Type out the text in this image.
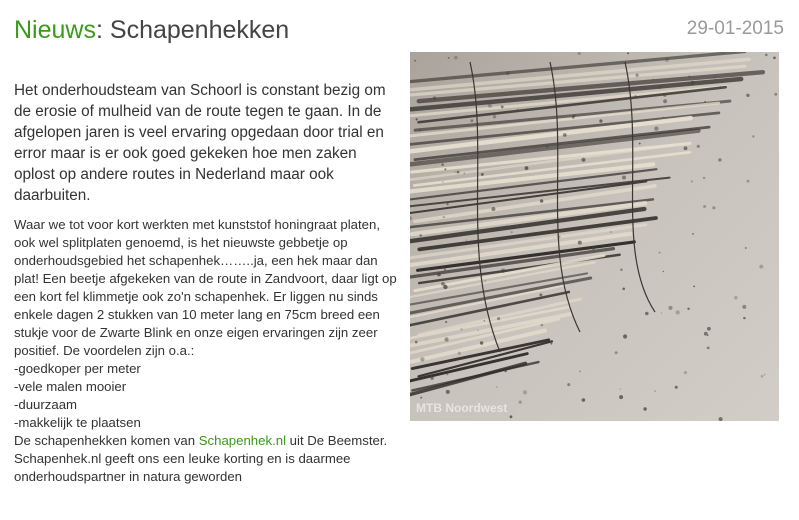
Nieuws: Schapenhekken	29-01-2015

Het onderhoudsteam van Schoorl is constant bezig om de erosie of mulheid van de route tegen te gaan. In de afgelopen jaren is veel ervaring opgedaan door trial en error maar is er ook goed gekeken hoe men zaken oplost op andere routes in Nederland maar ook daarbuiten.

Waar we tot voor kort werkten met kunststof honingraat platen, ook wel splitplaten genoemd, is het nieuwste gebbetje op onderhoudsgebied het schapenhek……..ja, een hek maar dan plat! Een beetje afgekeken van de route in Zandvoort, daar ligt op een kort fel klimmetje ook zo'n schapenhek. Er liggen nu sinds enkele dagen 2 stukken van 10 meter lang en 75cm breed een stukje voor de Zwarte Blink en onze eigen ervaringen zijn zeer positief. De voordelen zijn o.a.:

-goedkoper per meter
-vele malen mooier
-duurzaam
-makkelijk te plaatsen

De schapenhekken komen van Schapenhek.nl uit De Beemster. Schapenhek.nl geeft ons een leuke korting en is daarmee onderhoudspartner in natura geworden

MTB Noordwest
